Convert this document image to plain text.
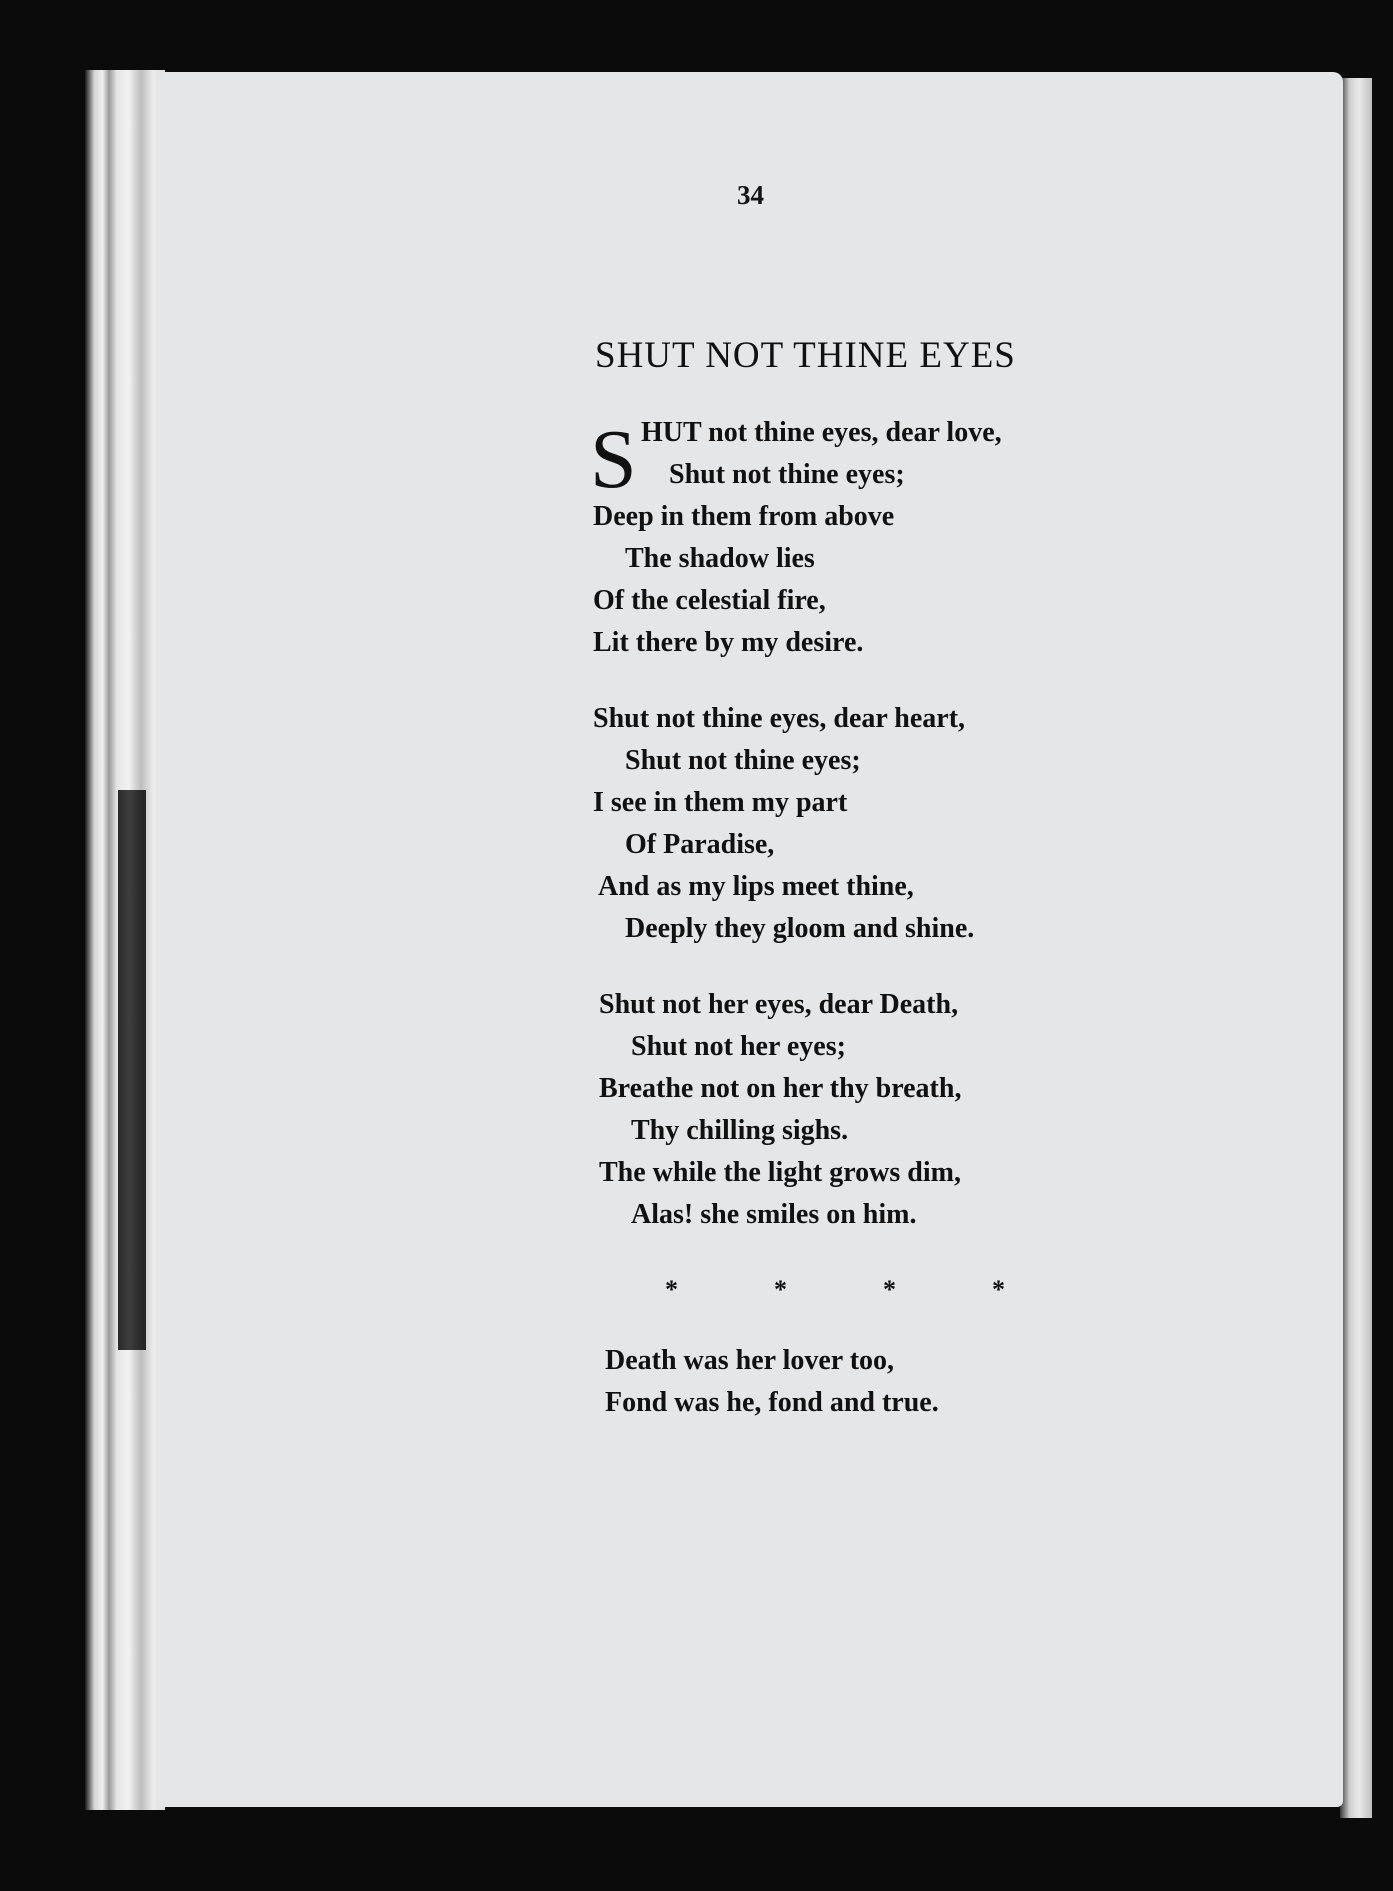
34
SHUT NOT THINE EYES
S HUT not thine eyes, dear love,
Shut not thine eyes;
Deep in them from above
The shadow lies
Of the celestial fire,
Lit there by my desire.
Shut not thine eyes, dear heart,
Shut not thine eyes;
I see in them my part
Of Paradise,
And as my lips meet thine,
Deeply they gloom and shine.
Shut not her eyes, dear Death,
Shut not her eyes;
Breathe not on her thy breath,
Thy chilling sighs.
The while the light grows dim,
Alas! she smiles on him.
*	*	*	*
Death was her lover too,
Fond was he, fond and true.
